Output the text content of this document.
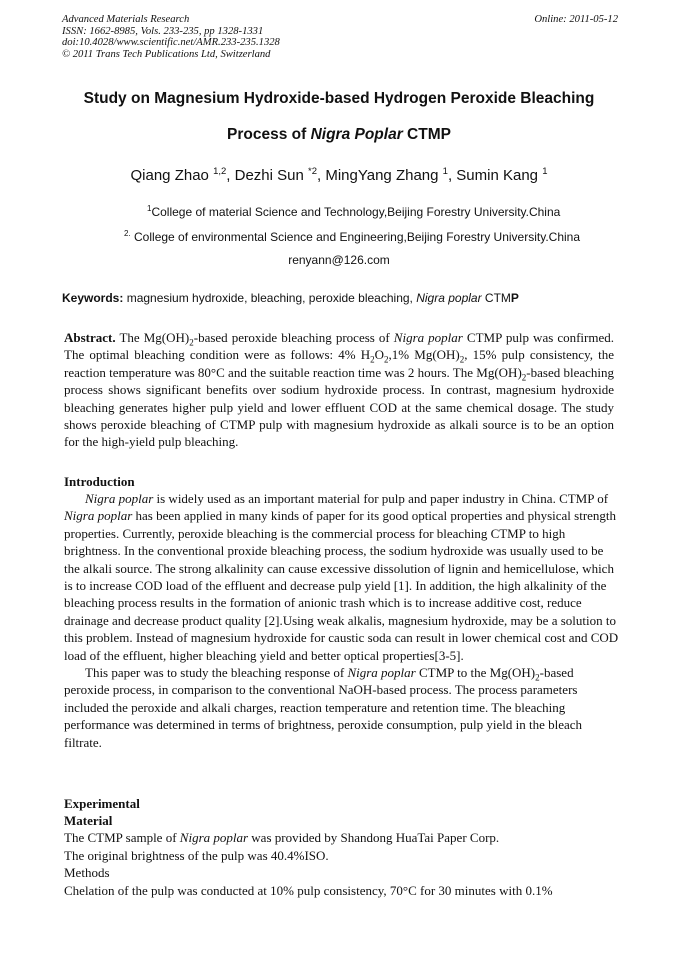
Advanced Materials Research
ISSN: 1662-8985, Vols. 233-235, pp 1328-1331
doi:10.4028/www.scientific.net/AMR.233-235.1328
© 2011 Trans Tech Publications Ltd, Switzerland
Online: 2011-05-12
Study on Magnesium Hydroxide-based Hydrogen Peroxide Bleaching
Process of Nigra Poplar CTMP
Qiang Zhao $^{1,2}$, Dezhi Sun $^{*2}$, MingYang Zhang $^1$, Sumin Kang $^1$
$^1$College of material Science and Technology,Beijing Forestry University.China
$^{2.}$ College of environmental Science and Engineering,Beijing Forestry University.China
renyann@126.com
Keywords: magnesium hydroxide, bleaching, peroxide bleaching, Nigra poplar CTMP
Abstract. The $Mg(OH)_2$-based peroxide bleaching process of Nigra poplar CTMP pulp was confirmed. The optimal bleaching condition were as follows: 4% $H_2O_2,1\%$ $Mg(OH)_2$, 15% pulp consistency, the reaction temperature was 80°C and the suitable reaction time was 2 hours. The $Mg(OH)_2$-based bleaching process shows significant benefits over sodium hydroxide process. In contrast, magnesium hydroxide bleaching generates higher pulp yield and lower effluent COD at the same chemical dosage. The study shows peroxide bleaching of CTMP pulp with magnesium hydroxide as alkali source is to be an option for the high-yield pulp bleaching.
Introduction

Nigra poplar is widely used as an important material for pulp and paper industry in China. CTMP of Nigra poplar has been applied in many kinds of paper for its good optical properties and physical strength properties. Currently, peroxide bleaching is the commercial process for bleaching CTMP to high brightness. In the conventional proxide bleaching process, the sodium hydroxide was usually used to be the alkali source. The strong alkalinity can cause excessive dissolution of lignin and hemicellulose, which is to increase COD load of the effluent and decrease pulp yield [1]. In addition, the high alkalinity of the bleaching process results in the formation of anionic trash which is to increase additive cost, reduce drainage and decrease product quality [2].Using weak alkalis, magnesium hydroxide, may be a solution to this problem. Instead of magnesium hydroxide for caustic soda can result in lower chemical cost and COD load of the effluent, higher bleaching yield and better optical properties[3-5].

This paper was to study the bleaching response of Nigra poplar CTMP to the $Mg(OH)_2$-based peroxide process, in comparison to the conventional NaOH-based process. The process parameters included the peroxide and alkali charges, reaction temperature and retention time. The bleaching performance was determined in terms of brightness, peroxide consumption, pulp yield in the bleach filtrate.

Experimental
Material
The CTMP sample of Nigra poplar was provided by Shandong HuaTai Paper Corp.
The original brightness of the pulp was 40.4%ISO.
Methods
Chelation of the pulp was conducted at 10% pulp consistency, 70°C for 30 minutes with 0.1%
